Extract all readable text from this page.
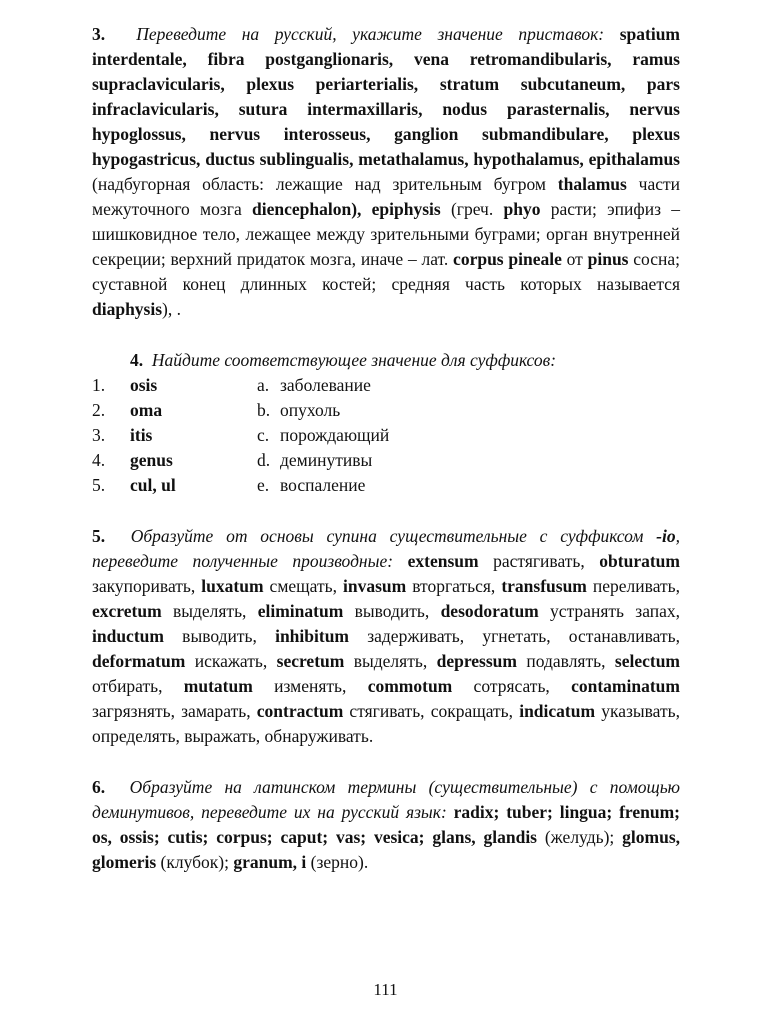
3. Переведите на русский, укажите значение приставок: spatium interdentale, fibra postganglionaris, vena retromandibularis, ramus supraclavicularis, plexus periarterialis, stratum subcutaneum, pars infraclavicularis, sutura intermaxillaris, nodus parasternalis, nervus hypoglossus, nervus interosseus, ganglion submandibulare, plexus hypogastricus, ductus sublingualis, metathalamus, hypothalamus, epithalamus (надбугорная область: лежащие над зрительным бугром thalamus части межуточного мозга diencephalon), epiphysis (греч. phyo расти; эпифиз – шишковидное тело, лежащее между зрительными буграми; орган внутренней секреции; верхний придаток мозга, иначе – лат. corpus pineale от pinus сосна; суставной конец длинных костей; средняя часть которых называется diaphysis), .
4. Найдите соответствующее значение для суффиксов:
1. osis	a. заболевание
2. oma	b. опухоль
3. itis	c. порождающий
4. genus	d. деминутивы
5. cul, ul	e. воспаление
5. Образуйте от основы супина существительные с суффиксом -io, переведите полученные производные: extensum растягивать, obturatum закупоривать, luxatum смещать, invasum вторгаться, transfusum переливать, excretum выделять, eliminatum выводить, desodoratum устранять запах, inductum выводить, inhibitum задерживать, угнетать, останавливать, deformatum искажать, secretum выделять, depressum подавлять, selectum отбирать, mutatum изменять, commotum сотрясать, contaminatum загрязнять, замарать, contractum стягивать, сокращать, indicatum указывать, определять, выражать, обнаруживать.
6. Образуйте на латинском термины (существительные) с помощью деминутивов, переведите их на русский язык: radix; tuber; lingua; frenum; os, ossis; cutis; corpus; caput; vas; vesica; glans, glandis (желудь); glomus, glomeris (клубок); granum, i (зерно).
111
